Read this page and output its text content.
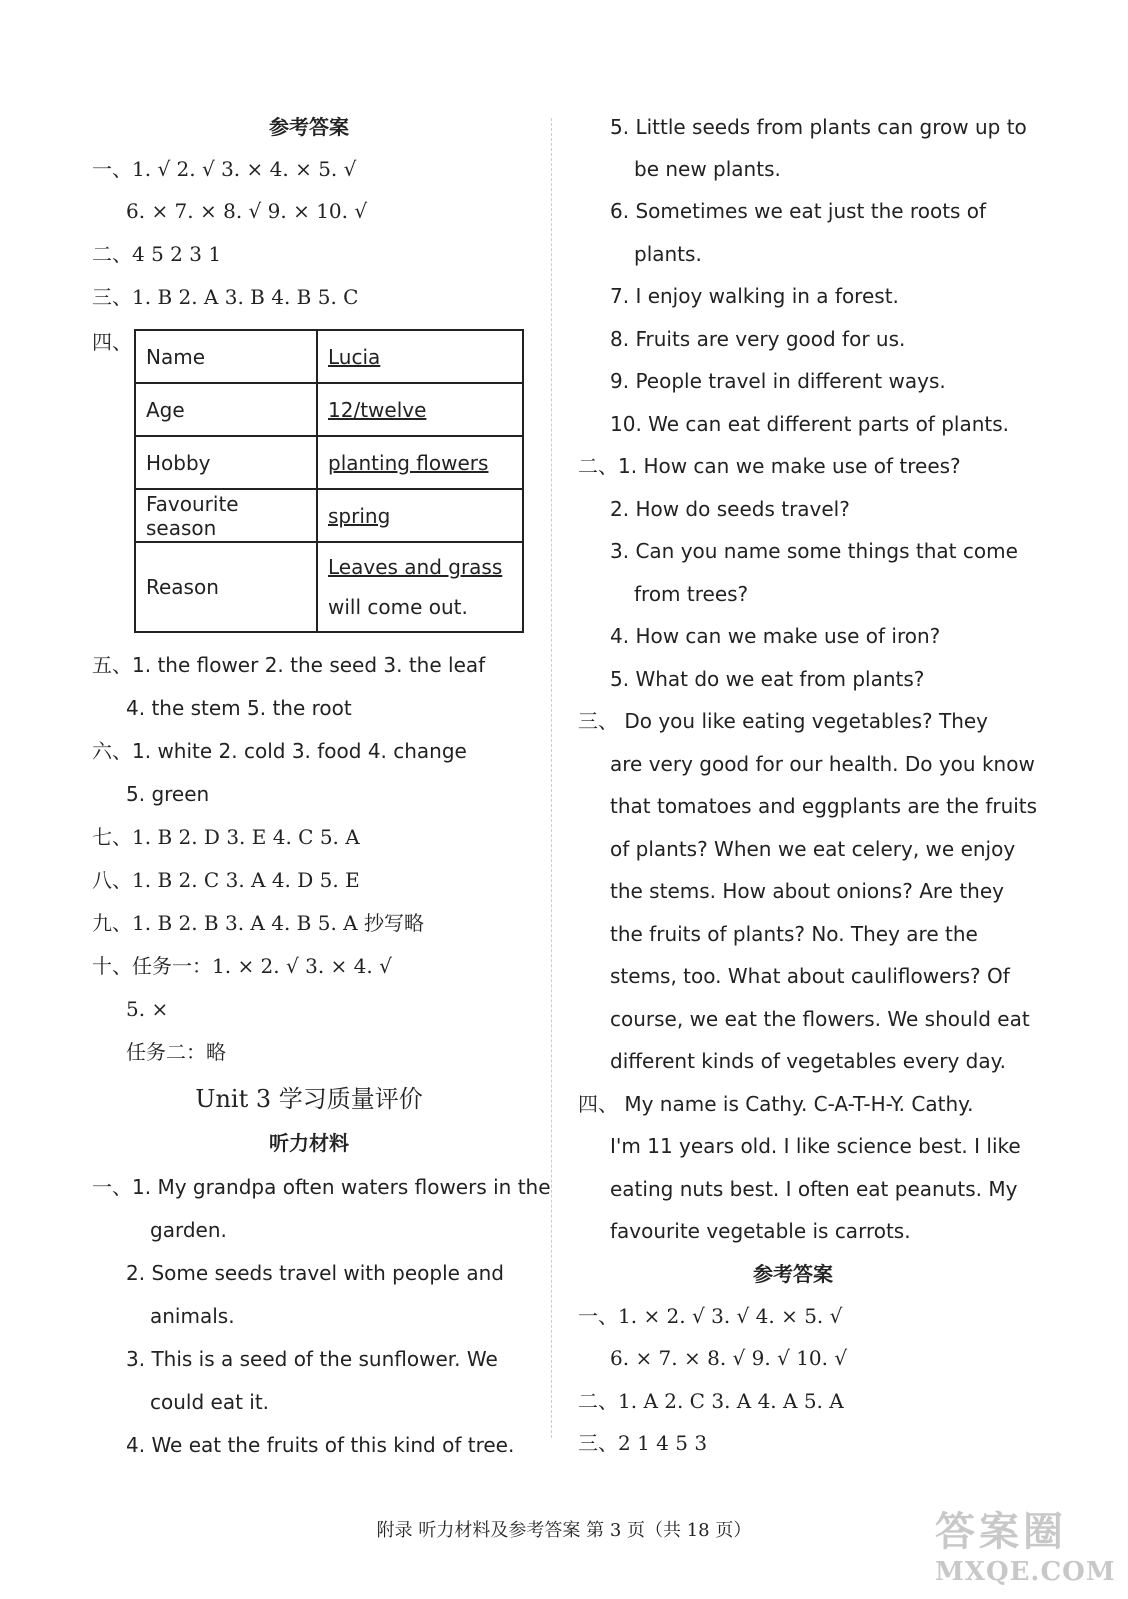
参考答案
一、1. √ 2. √ 3. × 4. × 5. √
6. × 7. × 8. √ 9. × 10. √
二、4 5 2 3 1
三、1. B 2. A 3. B 4. B 5. C
四、
Name	Lucia
Age	12/twelve
Hobby	planting flowers
Favourite season	spring
Reason	Leaves and grass
will come out.
五、1. the flower 2. the seed 3. the leaf
4. the stem 5. the root
六、1. white 2. cold 3. food 4. change
5. green
七、1. B 2. D 3. E 4. C 5. A
八、1. B 2. C 3. A 4. D 5. E
九、1. B 2. B 3. A 4. B 5. A 抄写略
十、任务一：1. × 2. √ 3. × 4. √
5. ×
任务二：略
Unit 3 学习质量评价
听力材料
一、1. My grandpa often waters flowers in the
garden.
2. Some seeds travel with people and
animals.
3. This is a seed of the sunflower. We
could eat it.
4. We eat the fruits of this kind of tree.
5. Little seeds from plants can grow up to
be new plants.
6. Sometimes we eat just the roots of
plants.
7. I enjoy walking in a forest.
8. Fruits are very good for us.
9. People travel in different ways.
10. We can eat different parts of plants.
二、1. How can we make use of trees?
2. How do seeds travel?
3. Can you name some things that come
from trees?
4. How can we make use of iron?
5. What do we eat from plants?
三、 Do you like eating vegetables? They
are very good for our health. Do you know
that tomatoes and eggplants are the fruits
of plants? When we eat celery, we enjoy
the stems. How about onions? Are they
the fruits of plants? No. They are the
stems, too. What about cauliflowers? Of
course, we eat the flowers. We should eat
different kinds of vegetables every day.
四、 My name is Cathy. C-A-T-H-Y. Cathy.
I'm 11 years old. I like science best. I like
eating nuts best. I often eat peanuts. My
favourite vegetable is carrots.
参考答案
一、1. × 2. √ 3. √ 4. × 5. √
6. × 7. × 8. √ 9. √ 10. √
二、1. A 2. C 3. A 4. A 5. A
三、2 1 4 5 3
附录 听力材料及参考答案 第 3 页（共 18 页）	答案圈
MXQE.COM
